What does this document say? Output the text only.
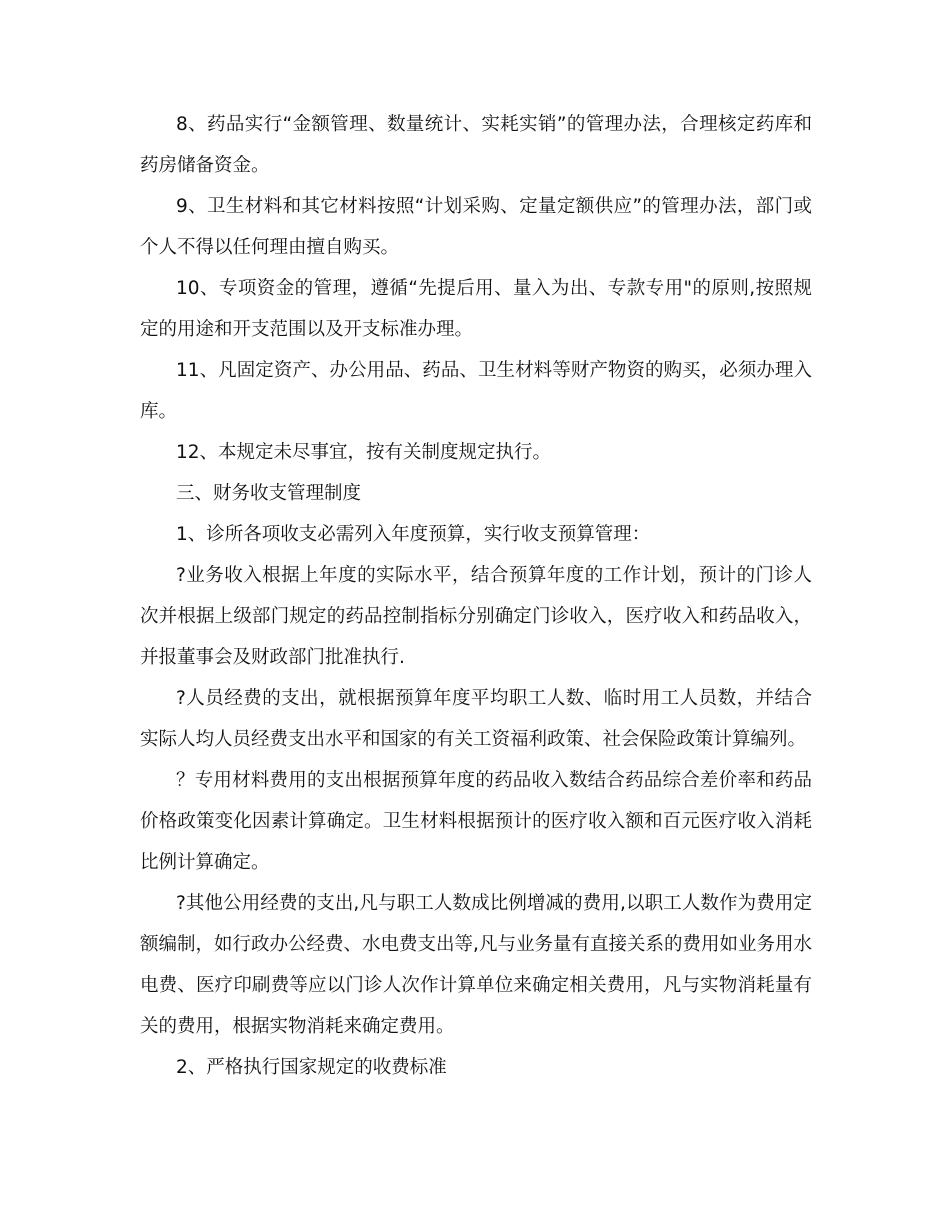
8、药品实行“金额管理、数量统计、实耗实销”的管理办法，合理核定药库和药房储备资金。

9、卫生材料和其它材料按照“计划采购、定量定额供应”的管理办法，部门或个人不得以任何理由擅自购买。

10、专项资金的管理，遵循“先提后用、量入为出、专款专用"的原则,按照规定的用途和开支范围以及开支标准办理。

11、凡固定资产、办公用品、药品、卫生材料等财产物资的购买，必须办理入库。

12、本规定未尽事宜，按有关制度规定执行。

三、财务收支管理制度

1、诊所各项收支必需列入年度预算，实行收支预算管理：

?业务收入根据上年度的实际水平，结合预算年度的工作计划，预计的门诊人次并根据上级部门规定的药品控制指标分别确定门诊收入，医疗收入和药品收入，并报董事会及财政部门批准执行.

?人员经费的支出，就根据预算年度平均职工人数、临时用工人员数，并结合实际人均人员经费支出水平和国家的有关工资福利政策、社会保险政策计算编列。

？专用材料费用的支出根据预算年度的药品收入数结合药品综合差价率和药品价格政策变化因素计算确定。卫生材料根据预计的医疗收入额和百元医疗收入消耗比例计算确定。

?其他公用经费的支出,凡与职工人数成比例增减的费用,以职工人数作为费用定额编制，如行政办公经费、水电费支出等,凡与业务量有直接关系的费用如业务用水电费、医疗印刷费等应以门诊人次作计算单位来确定相关费用，凡与实物消耗量有关的费用，根据实物消耗来确定费用。

2、严格执行国家规定的收费标准
